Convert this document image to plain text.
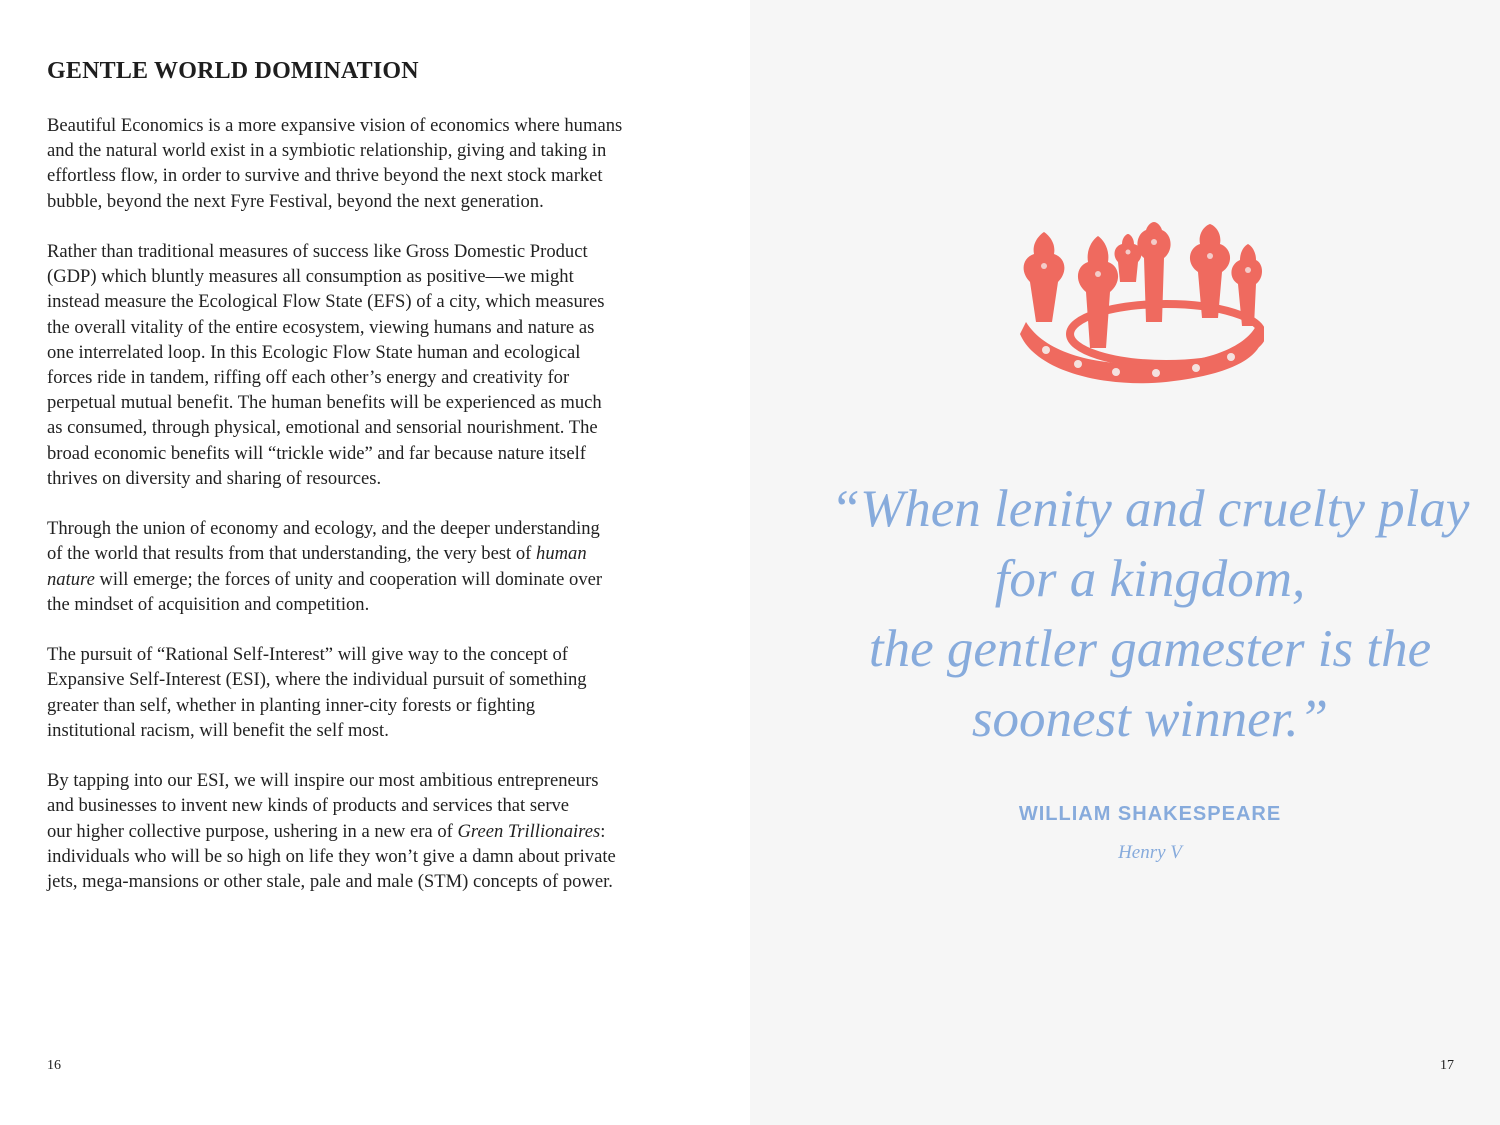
GENTLE WORLD DOMINATION

Beautiful Economics is a more expansive vision of economics where humans
and the natural world exist in a symbiotic relationship, giving and taking in
effortless flow, in order to survive and thrive beyond the next stock market
bubble, beyond the next Fyre Festival, beyond the next generation.

Rather than traditional measures of success like Gross Domestic Product
(GDP) which bluntly measures all consumption as positive—we might
instead measure the Ecological Flow State (EFS) of a city, which measures
the overall vitality of the entire ecosystem, viewing humans and nature as
one interrelated loop. In this Ecologic Flow State human and ecological
forces ride in tandem, riffing off each other’s energy and creativity for
perpetual mutual benefit. The human benefits will be experienced as much
as consumed, through physical, emotional and sensorial nourishment. The
broad economic benefits will “trickle wide” and far because nature itself
thrives on diversity and sharing of resources.

Through the union of economy and ecology, and the deeper understanding
of the world that results from that understanding, the very best of human
nature will emerge; the forces of unity and cooperation will dominate over
the mindset of acquisition and competition.

The pursuit of “Rational Self-Interest” will give way to the concept of
Expansive Self-Interest (ESI), where the individual pursuit of something
greater than self, whether in planting inner-city forests or fighting
institutional racism, will benefit the self most.

By tapping into our ESI, we will inspire our most ambitious entrepreneurs
and businesses to invent new kinds of products and services that serve
our higher collective purpose, ushering in a new era of Green Trillionaires:
individuals who will be so high on life they won’t give a damn about private
jets, mega-mansions or other stale, pale and male (STM) concepts of power.

16
“When lenity and cruelty play
for a kingdom,
the gentler gamester is the
soonest winner.”
WILLIAM SHAKESPEARE
Henry V
17
